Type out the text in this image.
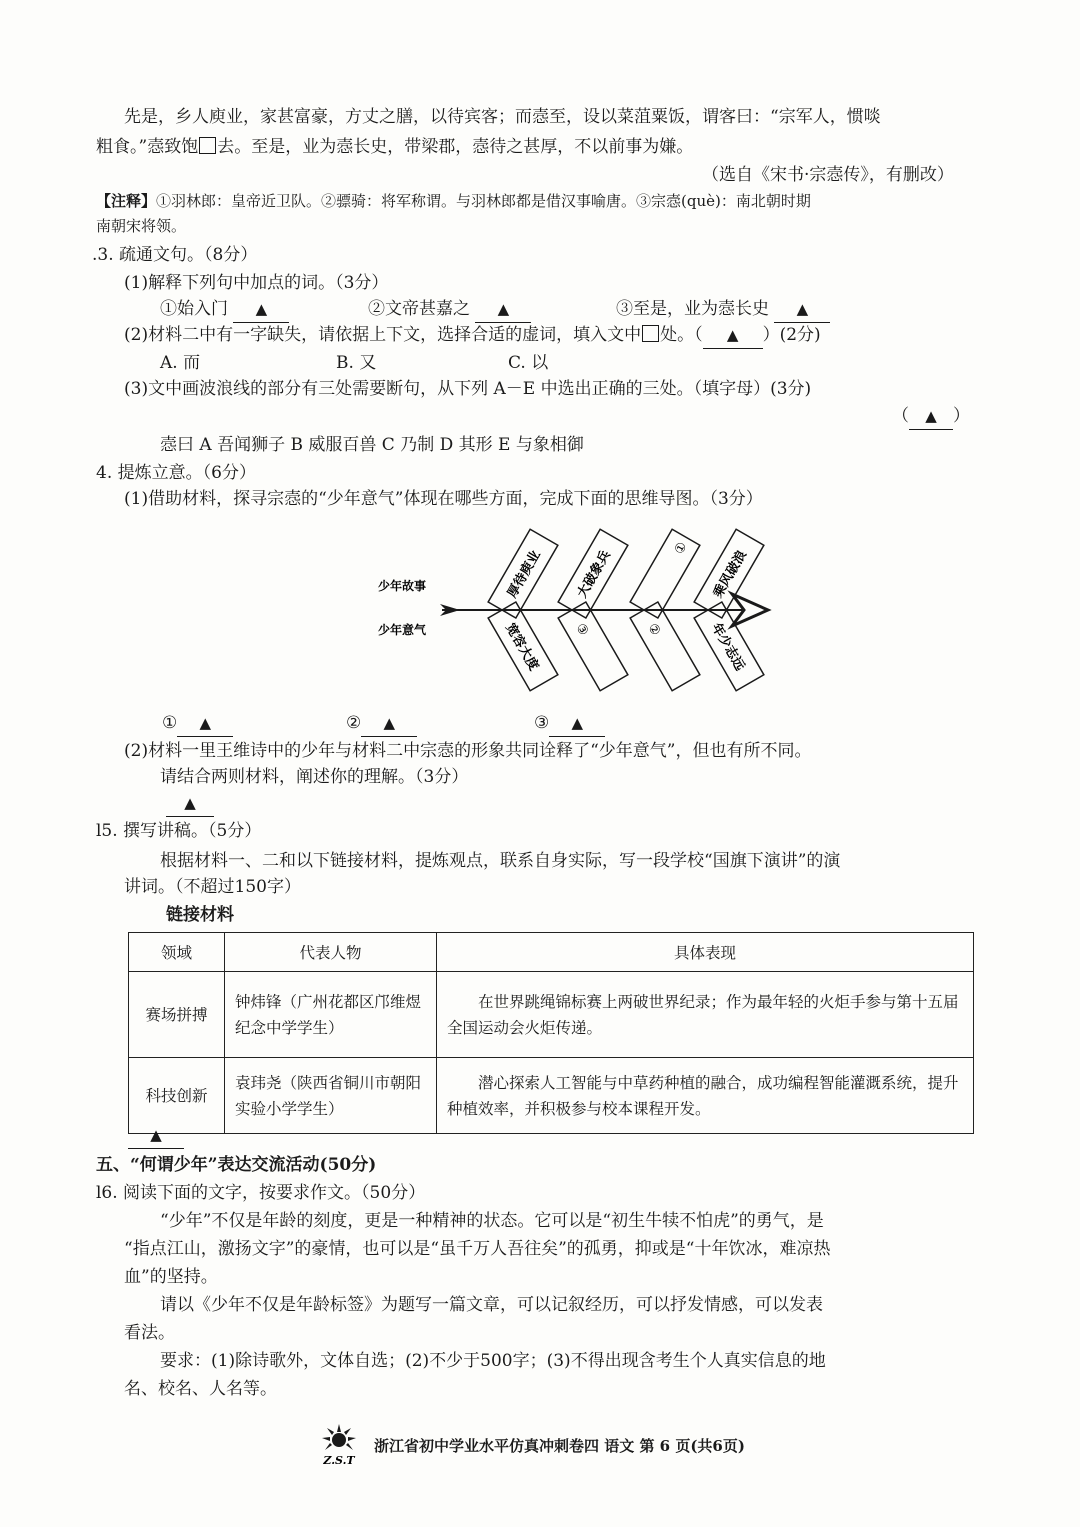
先是，乡人庾业，家甚富豪，方丈之膳，以待宾客；而悫至，设以菜菹粟饭，谓客曰：“宗军人，惯啖
粗食。”悫致饱 去。至是，业为悫长史，带梁郡，悫待之甚厚，不以前事为嫌。
（选自《宋书·宗悫传》，有删改）
【注释】①羽林郎：皇帝近卫队。②骠骑：将军称谓。与羽林郎都是借汉事喻唐。③宗悫(què)：南北朝时期
南朝宋将领。
.3. 疏通文句。（8分）
(1)解释下列句中加点的词。（3分）
①始入门 ▲	②文帝甚嘉之 ▲	③至是，业为悫长史 ▲
(2)材料二中有一字缺失，请依据上下文，选择合适的虚词，填入文中 处。（ ▲ ）(2分)
A. 而	B. 又	C. 以
(3)文中画波浪线的部分有三处需要断句，从下列 A－E 中选出正确的三处。（填字母）(3分)
（ ▲ ）
悫曰 A 吾闻狮子 B 威服百兽 C 乃制 D 其形 E 与象相御
4. 提炼立意。（6分）
(1)借助材料，探寻宗悫的“少年意气”体现在哪些方面，完成下面的思维导图。（3分）
少年故事
少年意气
厚待庾业 大破象兵	① 乘风破浪
宽容大度 ③	②	年少志远
① ▲	② ▲	③ ▲
(2)材料一里王维诗中的少年与材料二中宗悫的形象共同诠释了“少年意气”，但也有所不同。
请结合两则材料，阐述你的理解。（3分）
▲
l5. 撰写讲稿。（5分）
根据材料一、二和以下链接材料，提炼观点，联系自身实际，写一段学校“国旗下演讲”的演
讲词。（不超过150字）
链接材料
领域	代表人物	具体表现
赛场拼搏	钟炜锋（广州花都区邝维煜纪念中学学生）	在世界跳绳锦标赛上两破世界纪录；作为最年轻的火炬手参与第十五届全国运动会火炬传递。
科技创新	袁玮尧（陕西省铜川市朝阳实验小学学生）	潜心探索人工智能与中草药种植的融合，成功编程智能灌溉系统，提升种植效率，并积极参与校本课程开发。
▲
五、“何谓少年”表达交流活动(50分)
l6. 阅读下面的文字，按要求作文。（50分）
“少年”不仅是年龄的刻度，更是一种精神的状态。它可以是“初生牛犊不怕虎”的勇气，是
“指点江山，激扬文字”的豪情，也可以是“虽千万人吾往矣”的孤勇，抑或是“十年饮冰，难凉热
血”的坚持。
请以《少年不仅是年龄标签》为题写一篇文章，可以记叙经历，可以抒发情感，可以发表
看法。
要求：(1)除诗歌外，文体自选；(2)不少于500字；(3)不得出现含考生个人真实信息的地
名、校名、人名等。
Z.S.T
浙江省初中学业水平仿真冲刺卷四 语文 第 6 页(共6页)
